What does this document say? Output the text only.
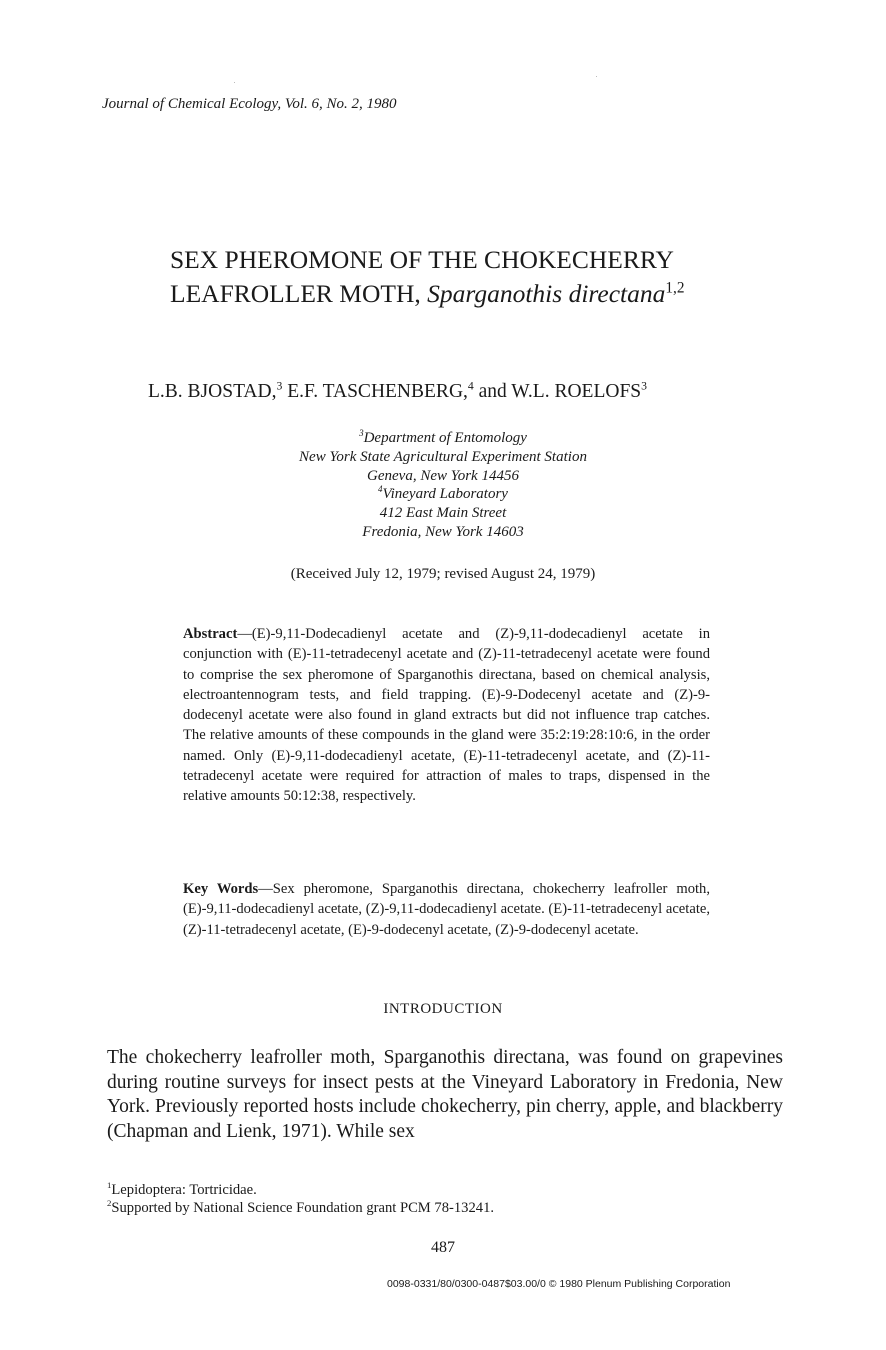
Journal of Chemical Ecology, Vol. 6, No. 2, 1980
SEX PHEROMONE OF THE CHOKECHERRY
LEAFROLLER MOTH, Sparganothis directana$^{1,2}$
L.B. BJOSTAD,$^3$ E.F. TASCHENBERG,$^4$ and W.L. ROELOFS$^3$
$^3$Department of Entomology
New York State Agricultural Experiment Station
Geneva, New York 14456
$^4$Vineyard Laboratory
412 East Main Street
Fredonia, New York 14603
(Received July 12, 1979; revised August 24, 1979)

Abstract—(E)-9,11-Dodecadienyl acetate and (Z)-9,11-dodecadienyl acetate in conjunction with (E)-11-tetradecenyl acetate and (Z)-11-tetradecenyl acetate were found to comprise the sex pheromone of Sparganothis directana, based on chemical analysis, electroantennogram tests, and field trapping. (E)-9-Dodecenyl acetate and (Z)-9-dodecenyl acetate were also found in gland extracts but did not influence trap catches. The relative amounts of these compounds in the gland were 35:2:19:28:10:6, in the order named. Only (E)-9,11-dodecadienyl acetate, (E)-11-tetradecenyl acetate, and (Z)-11-tetradecenyl acetate were required for attraction of males to traps, dispensed in the relative amounts 50:12:38, respectively.

Key Words—Sex pheromone, Sparganothis directana, chokecherry leafroller moth, (E)-9,11-dodecadienyl acetate, (Z)-9,11-dodecadienyl acetate. (E)-11-tetradecenyl acetate, (Z)-11-tetradecenyl acetate, (E)-9-dodecenyl acetate, (Z)-9-dodecenyl acetate.

INTRODUCTION

The chokecherry leafroller moth, Sparganothis directana, was found on grapevines during routine surveys for insect pests at the Vineyard Laboratory in Fredonia, New York. Previously reported hosts include chokecherry, pin cherry, apple, and blackberry (Chapman and Lienk, 1971). While sex

$^1$Lepidoptera: Tortricidae.
$^2$Supported by National Science Foundation grant PCM 78-13241.
487
0098-0331/80/0300-0487$03.00/0 © 1980 Plenum Publishing Corporation
